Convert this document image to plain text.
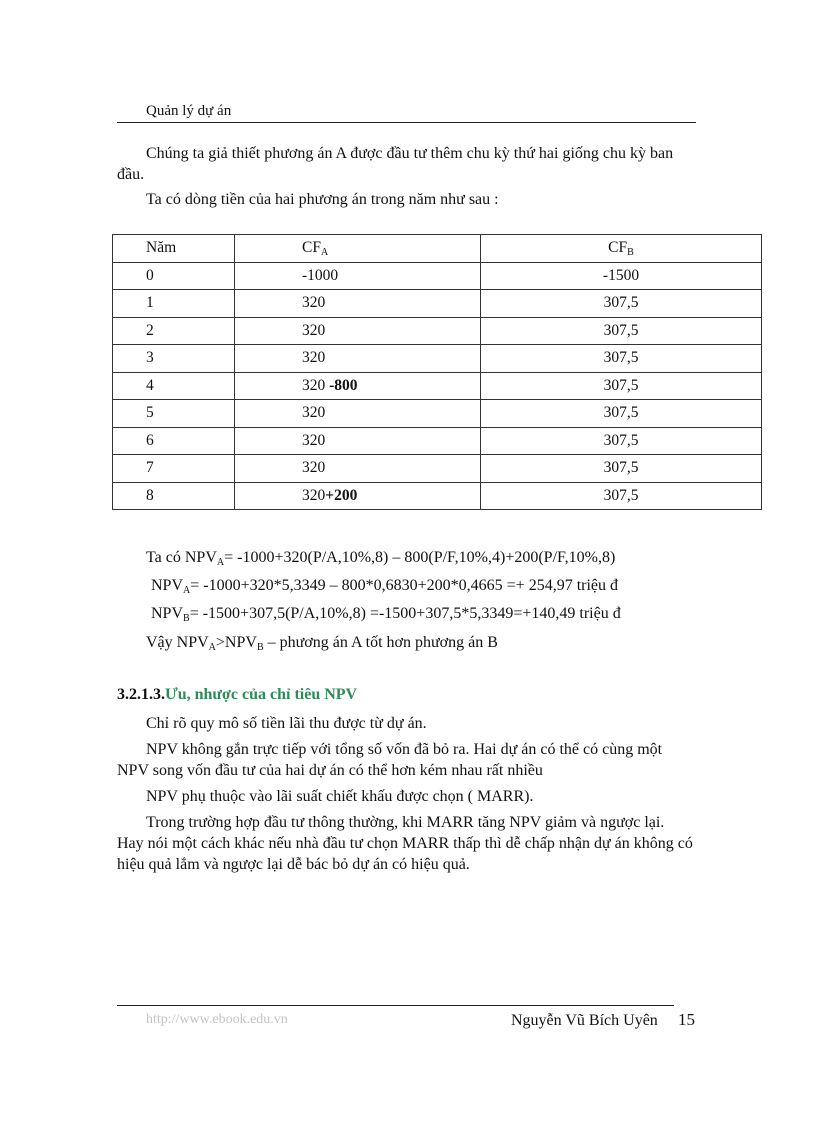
Quản lý dự án

Chúng ta giả thiết phương án A được đầu tư thêm chu kỳ thứ hai giống chu kỳ ban đầu.

Ta có dòng tiền của hai phương án trong năm như sau :

Năm	$CF_A$	$CF_B$
0	-1000	-1500
1	320	307,5
2	320	307,5
3	320	307,5
4	320 -800	307,5
5	320	307,5
6	320	307,5
7	320	307,5
8	320+200	307,5
Ta có $NPV_A= -1000+320(P/A,10\%,8) - 800(P/F,10\%,4)+200(P/F,10\%,8)$
$NPV_A= -1000+320*5,3349 - 800*0,6830+200*0,4665 =+ 254,97$ triệu đ
$NPV_B= -1500+307,5(P/A,10\%,8) =-1500+307,5*5,3349=+140,49$ triệu đ
Vậy $NPV_A>NPV_B$ – phương án A tốt hơn phương án B
3.2.1.3.Ưu, nhược của chỉ tiêu NPV

Chỉ rõ quy mô số tiền lãi thu được từ dự án.

NPV không gắn trực tiếp với tổng số vốn đã bỏ ra. Hai dự án có thể có cùng một NPV song vốn đầu tư của hai dự án có thể hơn kém nhau rất nhiều

NPV phụ thuộc vào lãi suất chiết khấu được chọn ( MARR).

Trong trường hợp đầu tư thông thường, khi MARR tăng NPV giảm và ngược lại. Hay nói một cách khác nếu nhà đầu tư chọn MARR thấp thì dễ chấp nhận dự án không có hiệu quả lắm và ngược lại dễ bác bỏ dự án có hiệu quả.

http://www.ebook.edu.vn	Nguyễn Vũ Bích Uyên 15
